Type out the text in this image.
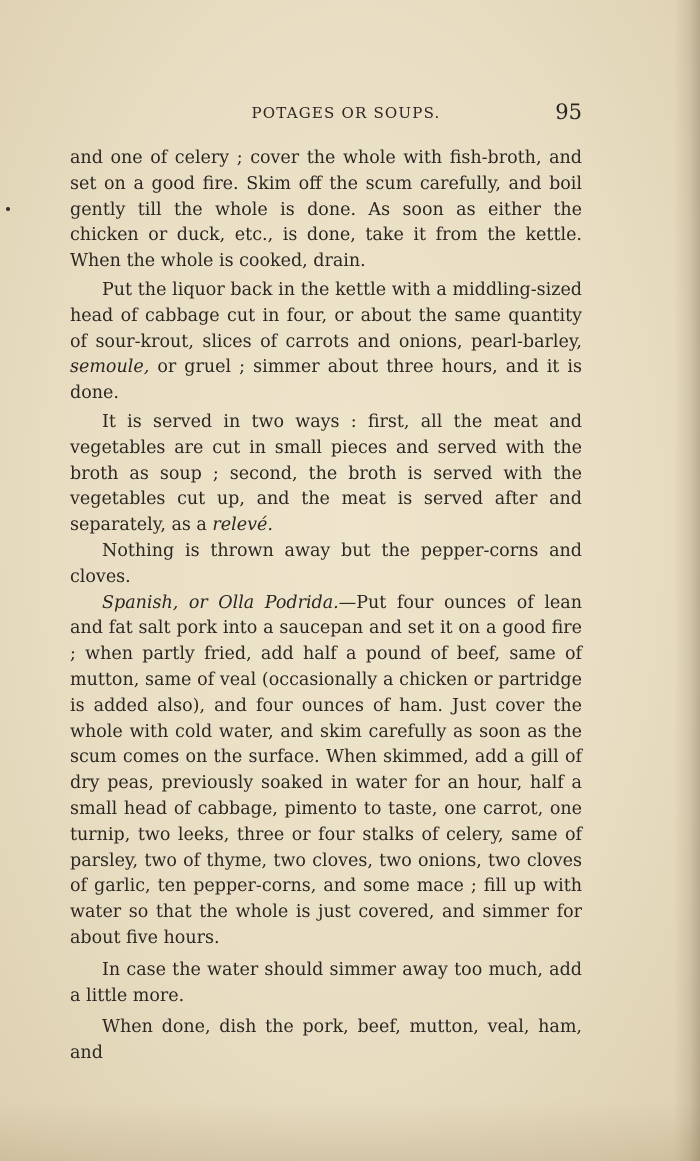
POTAGES OR SOUPS.	95

and one of celery ; cover the whole with fish-broth, and set on a good fire. Skim off the scum carefully, and boil gently till the whole is done. As soon as either the chicken or duck, etc., is done, take it from the kettle. When the whole is cooked, drain.

Put the liquor back in the kettle with a middling-sized head of cabbage cut in four, or about the same quantity of sour-krout, slices of carrots and onions, pearl-barley, semoule, or gruel ; simmer about three hours, and it is done.

It is served in two ways : first, all the meat and vegetables are cut in small pieces and served with the broth as soup ; second, the broth is served with the vegetables cut up, and the meat is served after and separately, as a relevé.

Nothing is thrown away but the pepper-corns and cloves.

Spanish, or Olla Podrida.—Put four ounces of lean and fat salt pork into a saucepan and set it on a good fire ; when partly fried, add half a pound of beef, same of mutton, same of veal (occasionally a chicken or partridge is added also), and four ounces of ham. Just cover the whole with cold water, and skim carefully as soon as the scum comes on the surface. When skimmed, add a gill of dry peas, previously soaked in water for an hour, half a small head of cabbage, pimento to taste, one carrot, one turnip, two leeks, three or four stalks of celery, same of parsley, two of thyme, two cloves, two onions, two cloves of garlic, ten pepper-corns, and some mace ; fill up with water so that the whole is just covered, and simmer for about five hours.

In case the water should simmer away too much, add a little more.

When done, dish the pork, beef, mutton, veal, ham, and
